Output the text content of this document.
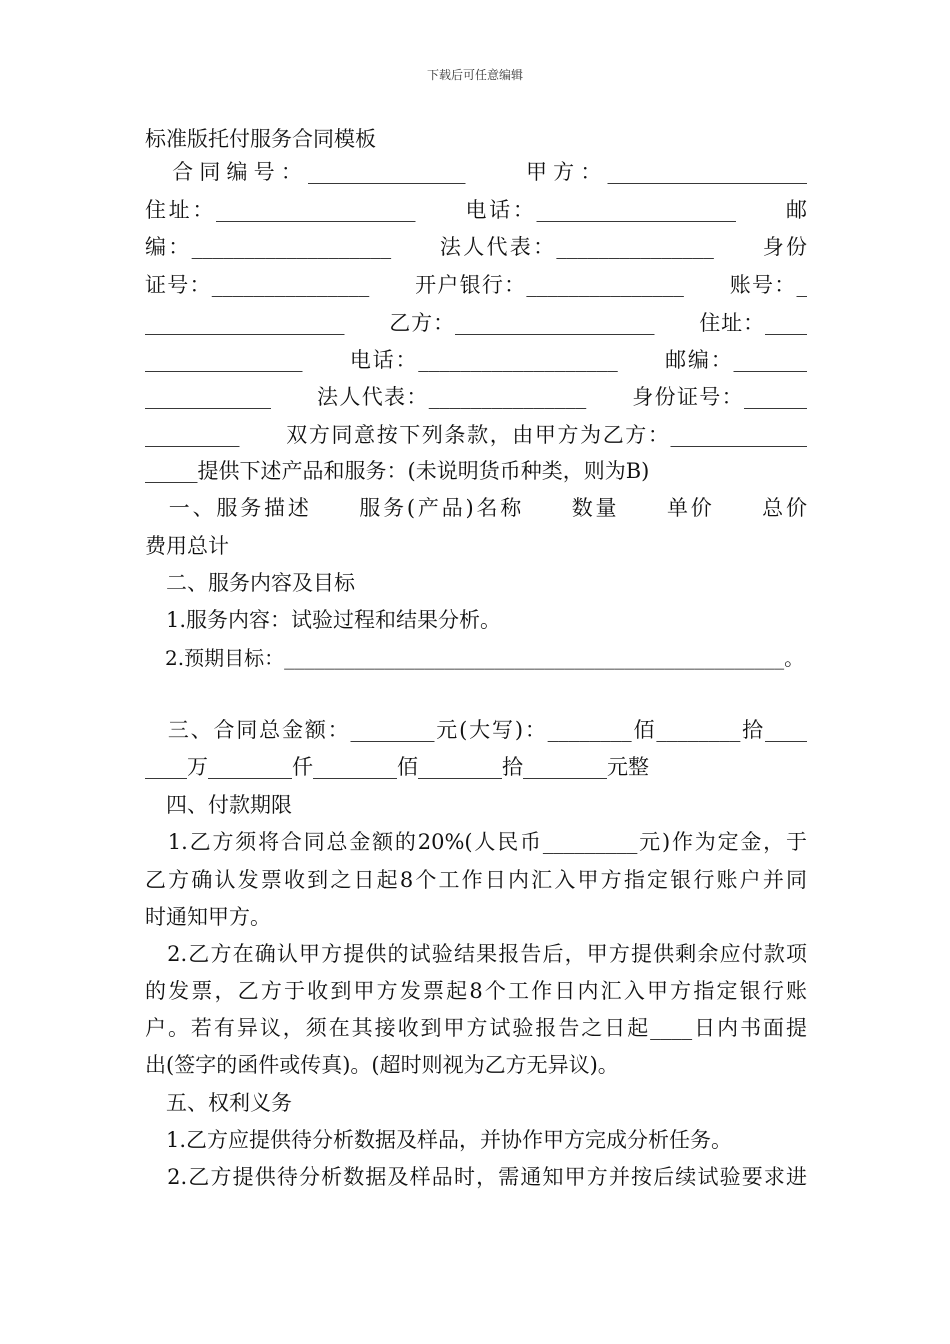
下载后可任意编辑
标准版托付服务合同模板
　合同编号：_______________　　甲方：___________________
住址：___________________　　电话：___________________　　邮
编：___________________　　法人代表：_______________　　身份
证号：_______________　　开户银行：_______________　　账号：_
___________________　　乙方：___________________　　住址：____
_______________　　电话：___________________　　邮编：_______
____________　　法人代表：_______________　　身份证号：______
_________　　双方同意按下列条款，由甲方为乙方：_____________
_____提供下述产品和服务：(未说明货币种类，则为B)
　一、服务描述　　服务(产品)名称　　数量　　单价　　总价
费用总计
　二、服务内容及目标
　1.服务内容：试验过程和结果分析。
　2.预期目标：__________________________________________________。
　三、合同总金额：________元(大写)：________佰________拾____
____万________仟________佰________拾________元整
　四、付款期限
　1.乙方须将合同总金额的20%(人民币_________元)作为定金，于
乙方确认发票收到之日起8个工作日内汇入甲方指定银行账户并同
时通知甲方。
　2.乙方在确认甲方提供的试验结果报告后，甲方提供剩余应付款项
的发票，乙方于收到甲方发票起8个工作日内汇入甲方指定银行账
户。若有异议，须在其接收到甲方试验报告之日起____日内书面提
出(签字的函件或传真)。(超时则视为乙方无异议)。
　五、权利义务
　1.乙方应提供待分析数据及样品，并协作甲方完成分析任务。
　2.乙方提供待分析数据及样品时，需通知甲方并按后续试验要求进
